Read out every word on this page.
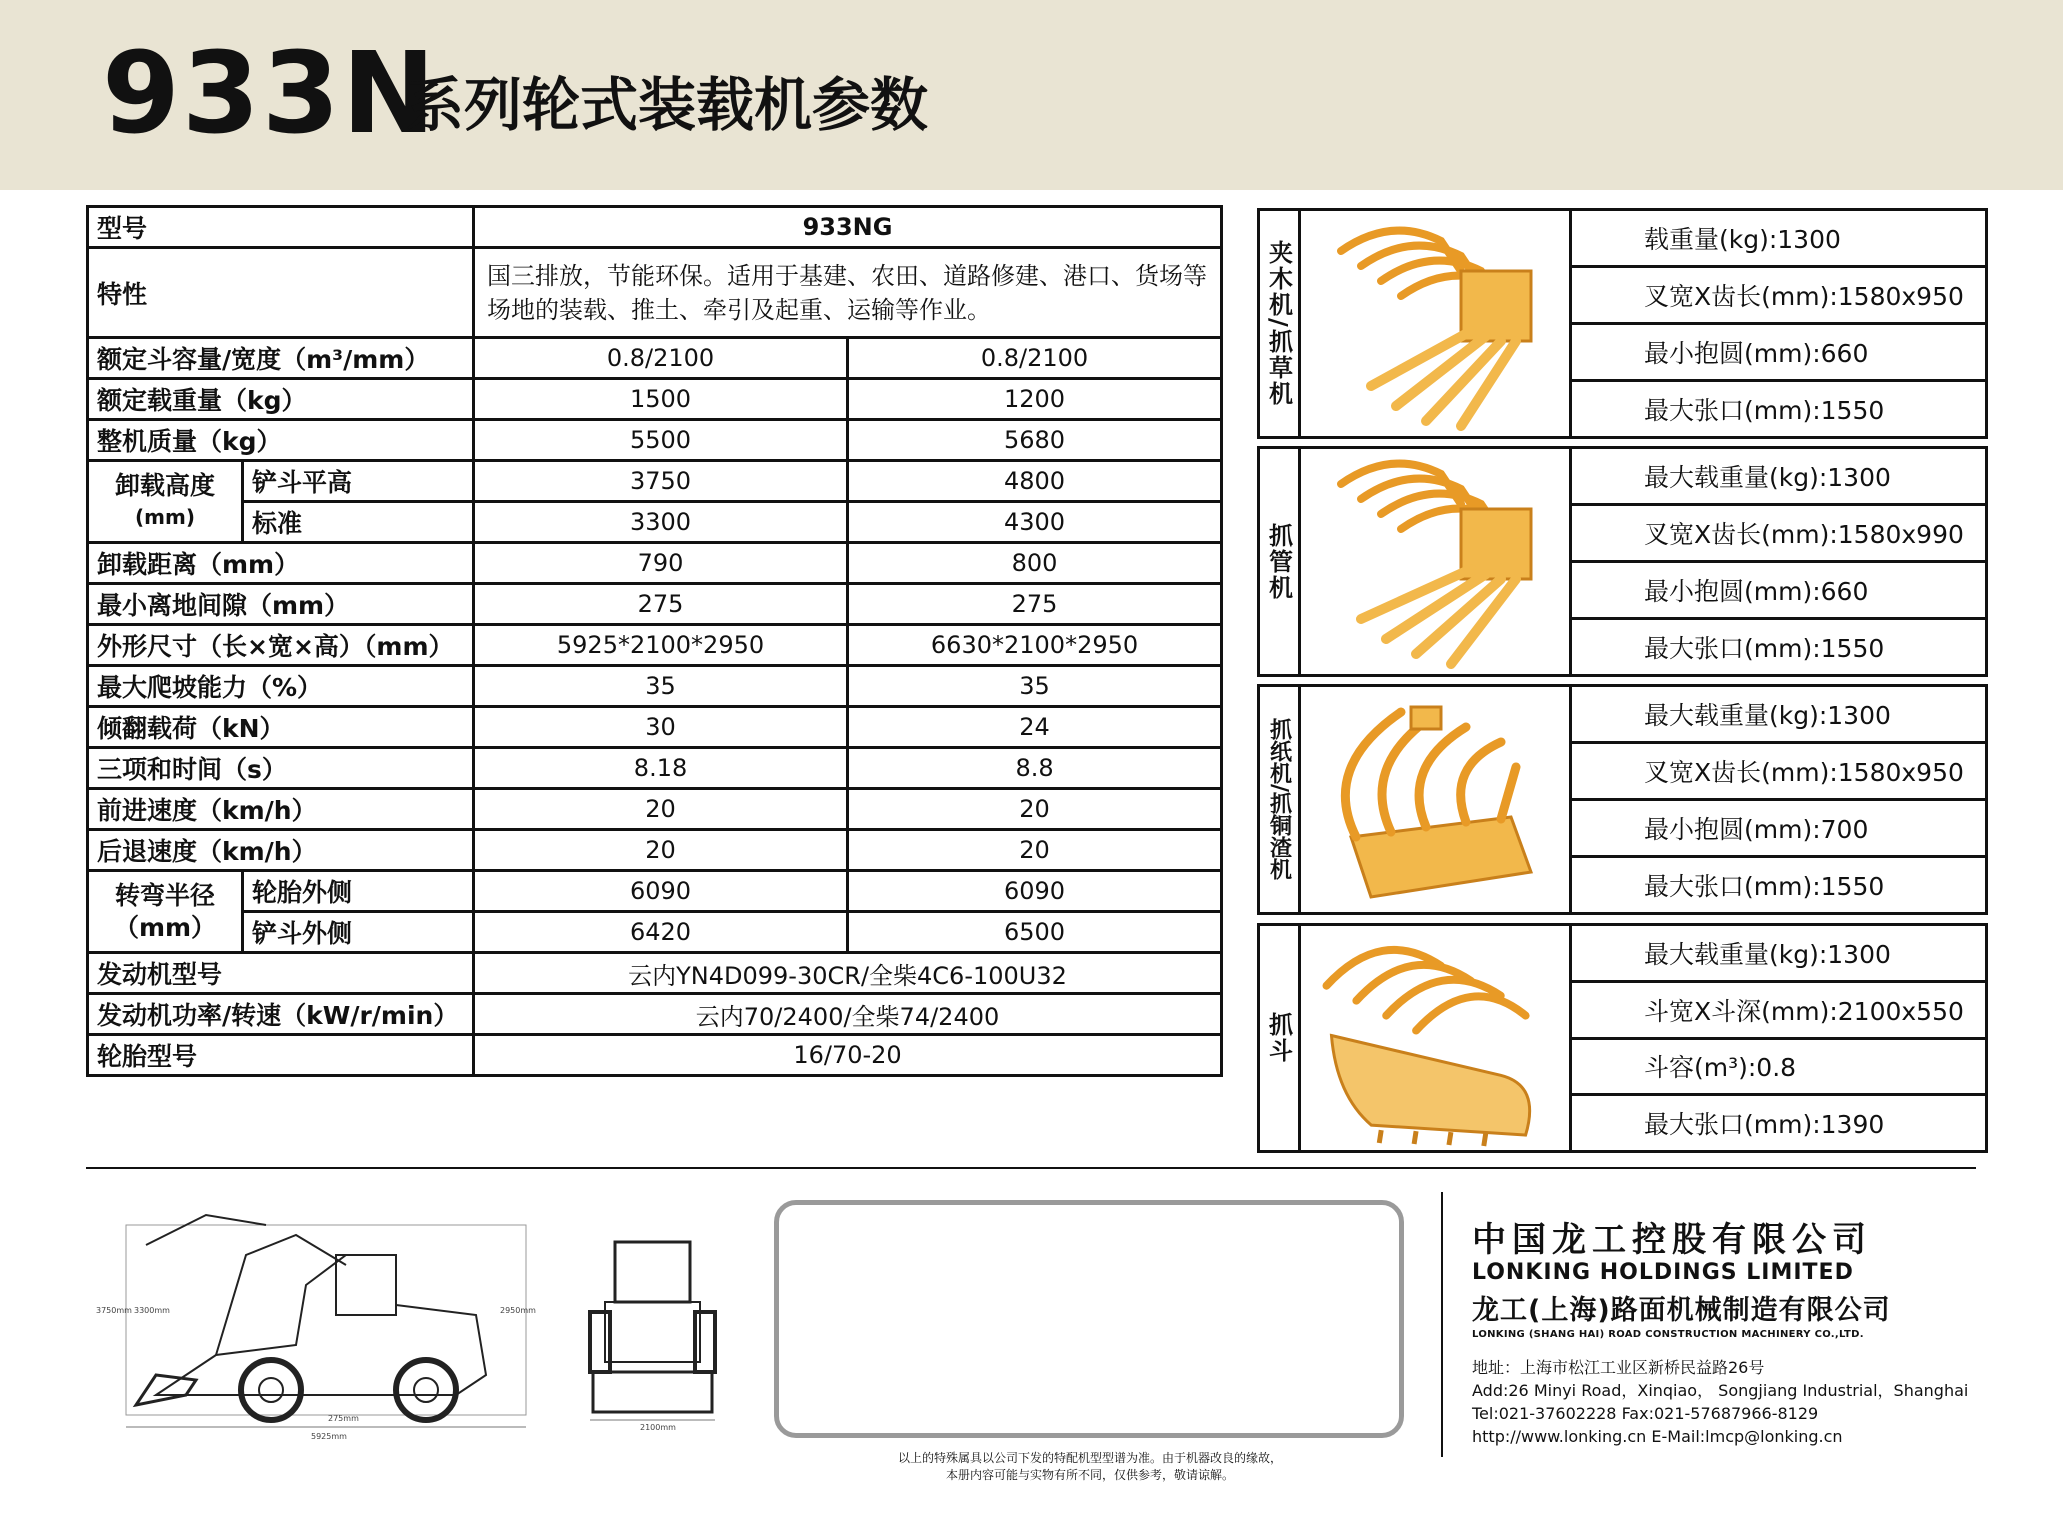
933N
系列轮式装载机参数
型号		933NG	
特性		国三排放，节能环保。适用于基建、农田、道路修建、港口、货场等场地的装载、推土、牵引及起重、运输等作业。	
额定斗容量/宽度（m³/mm）		0.8/2100	0.8/2100
额定载重量（kg）		1500	1200
整机质量（kg）		5500	5680
卸载高度
(mm)	铲斗平高	3750	4800
	标准	3300	4300
卸载距离（mm）		790	800
最小离地间隙（mm）		275	275
外形尺寸（长×宽×高）（mm）		5925*2100*2950	6630*2100*2950
最大爬坡能力（%）		35	35
倾翻载荷（kN）		30	24
三项和时间（s）		8.18	8.8
前进速度（km/h）		20	20
后退速度（km/h）		20	20
转弯半径
（mm）	轮胎外侧	6090	6090
	铲斗外侧	6420	6500
发动机型号		云内YN4D099-30CR/全柴4C6-100U32	
发动机功率/转速（kW/r/min）		云内70/2400/全柴74/2400	
轮胎型号		16/70-20	
夹木机/抓草机
载重量(kg):1300
叉宽X齿长(mm):1580x950
最小抱圆(mm):660
最大张口(mm):1550
抓管机
最大载重量(kg):1300
叉宽X齿长(mm):1580x990
最小抱圆(mm):660
最大张口(mm):1550
抓纸机/抓铜渣机
最大载重量(kg):1300
叉宽X齿长(mm):1580x950
最小抱圆(mm):700
最大张口(mm):1550
抓斗
最大载重量(kg):1300
斗宽X斗深(mm):2100x550
斗容(m³):0.8
最大张口(mm):1390
3750mm 3300mm	2950mm
275mm
5925mm
2100mm
以上的特殊属具以公司下发的特配机型型谱为准。由于机器改良的缘故，
本册内容可能与实物有所不同，仅供参考，敬请谅解。
中国龙工控股有限公司
LONKING HOLDINGS LIMITED
龙工(上海)路面机械制造有限公司
LONKING (SHANG HAI) ROAD CONSTRUCTION MACHINERY CO.,LTD.
地址：上海市松江工业区新桥民益路26号
Add:26 Minyi Road，Xinqiao， Songjiang Industrial，Shanghai
Tel:021-37602228 Fax:021-57687966-8129
http://www.lonking.cn E-Mail:lmcp@lonking.cn
